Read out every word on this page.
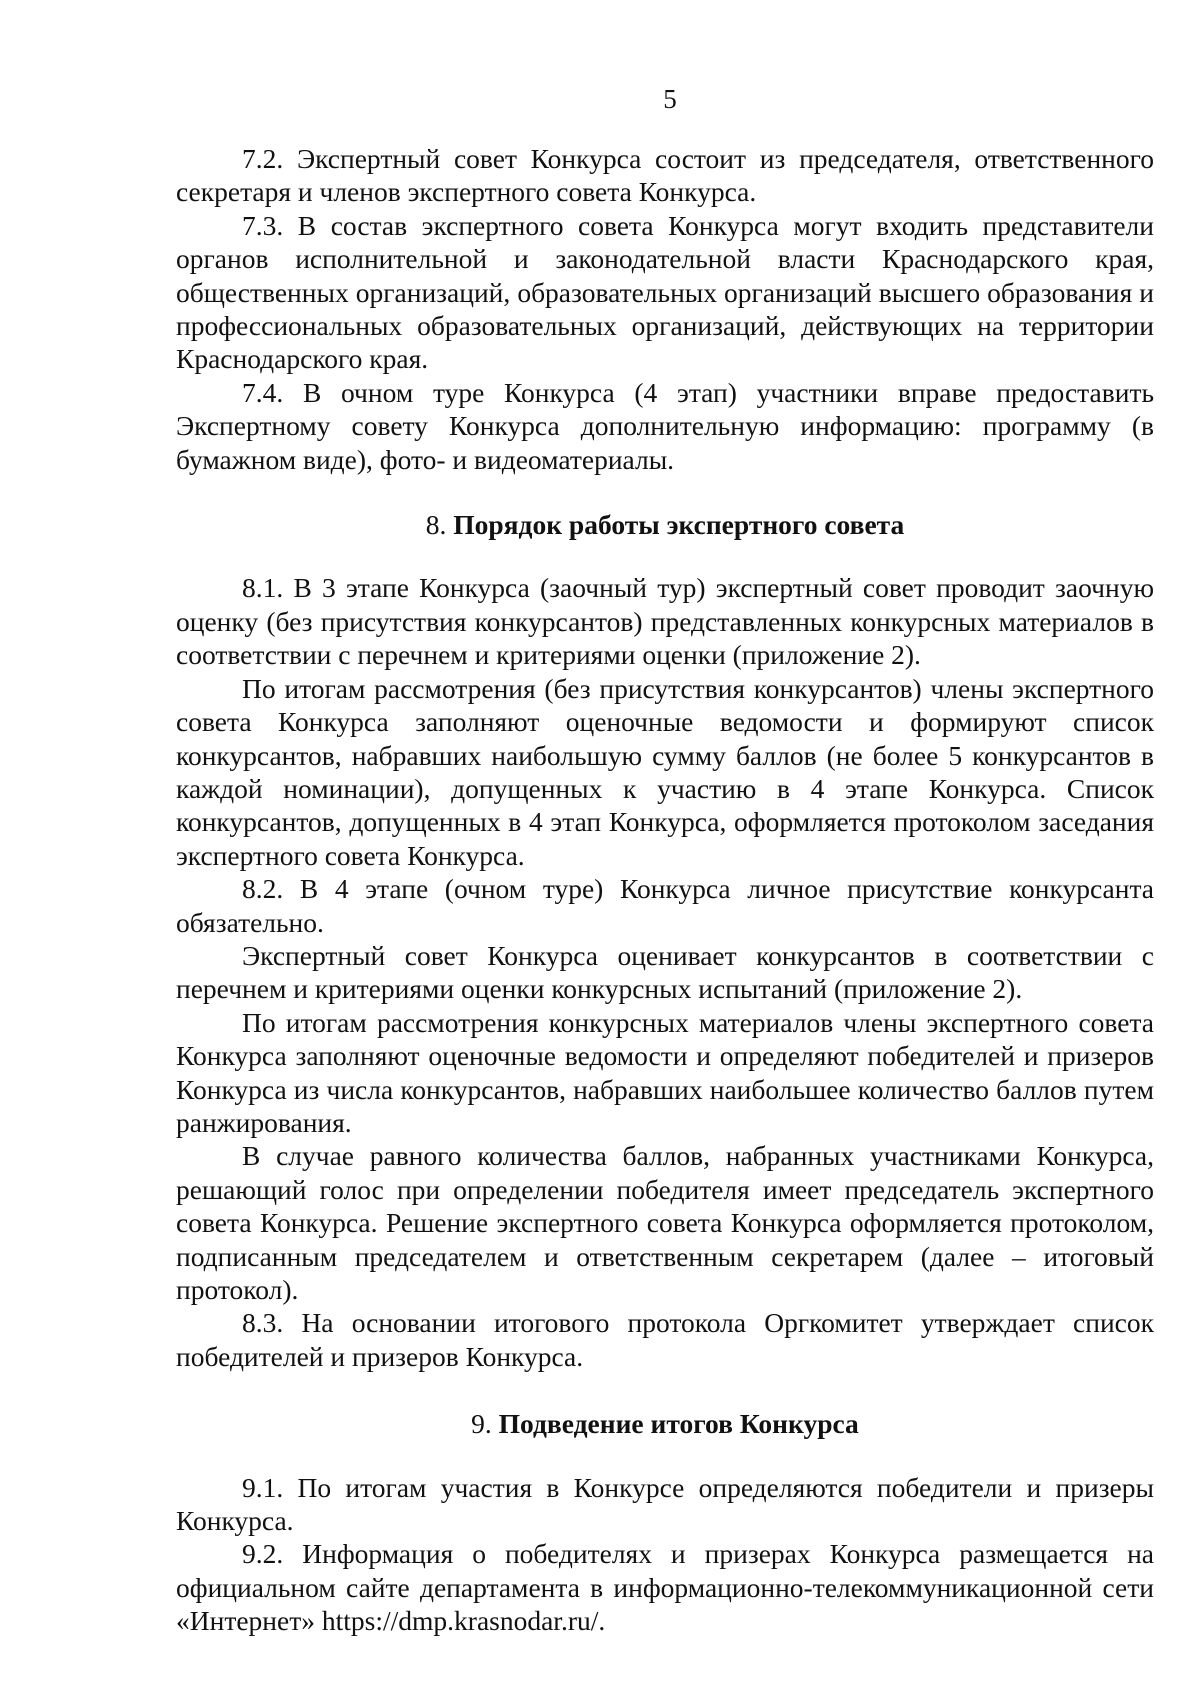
5

7.2. Экспертный совет Конкурса состоит из председателя, ответственного секретаря и членов экспертного совета Конкурса.

7.3. В состав экспертного совета Конкурса могут входить представители органов исполнительной и законодательной власти Краснодарского края, общественных организаций, образовательных организаций высшего образования и профессиональных образовательных организаций, действующих на территории Краснодарского края.

7.4. В очном туре Конкурса (4 этап) участники вправе предоставить Экспертному совету Конкурса дополнительную информацию: программу (в бумажном виде), фото- и видеоматериалы.

8. Порядок работы экспертного совета

8.1. В 3 этапе Конкурса (заочный тур) экспертный совет проводит заочную оценку (без присутствия конкурсантов) представленных конкурсных материалов в соответствии с перечнем и критериями оценки (приложение 2).

По итогам рассмотрения (без присутствия конкурсантов) члены экспертного совета Конкурса заполняют оценочные ведомости и формируют список конкурсантов, набравших наибольшую сумму баллов (не более 5 конкурсантов в каждой номинации), допущенных к участию в 4 этапе Конкурса. Список конкурсантов, допущенных в 4 этап Конкурса, оформляется протоколом заседания экспертного совета Конкурса.

8.2. В 4 этапе (очном туре) Конкурса личное присутствие конкурсанта обязательно.

Экспертный совет Конкурса оценивает конкурсантов в соответствии с перечнем и критериями оценки конкурсных испытаний (приложение 2).

По итогам рассмотрения конкурсных материалов члены экспертного совета Конкурса заполняют оценочные ведомости и определяют победителей и призеров Конкурса из числа конкурсантов, набравших наибольшее количество баллов путем ранжирования.

В случае равного количества баллов, набранных участниками Конкурса, решающий голос при определении победителя имеет председатель экспертного совета Конкурса. Решение экспертного совета Конкурса оформляется протоколом, подписанным председателем и ответственным секретарем (далее – итоговый протокол).

8.3. На основании итогового протокола Оргкомитет утверждает список победителей и призеров Конкурса.

9. Подведение итогов Конкурса

9.1. По итогам участия в Конкурсе определяются победители и призеры Конкурса.

9.2. Информация о победителях и призерах Конкурса размещается на официальном сайте департамента в информационно-телекоммуникационной сети «Интернет» https://dmp.krasnodar.ru/.
